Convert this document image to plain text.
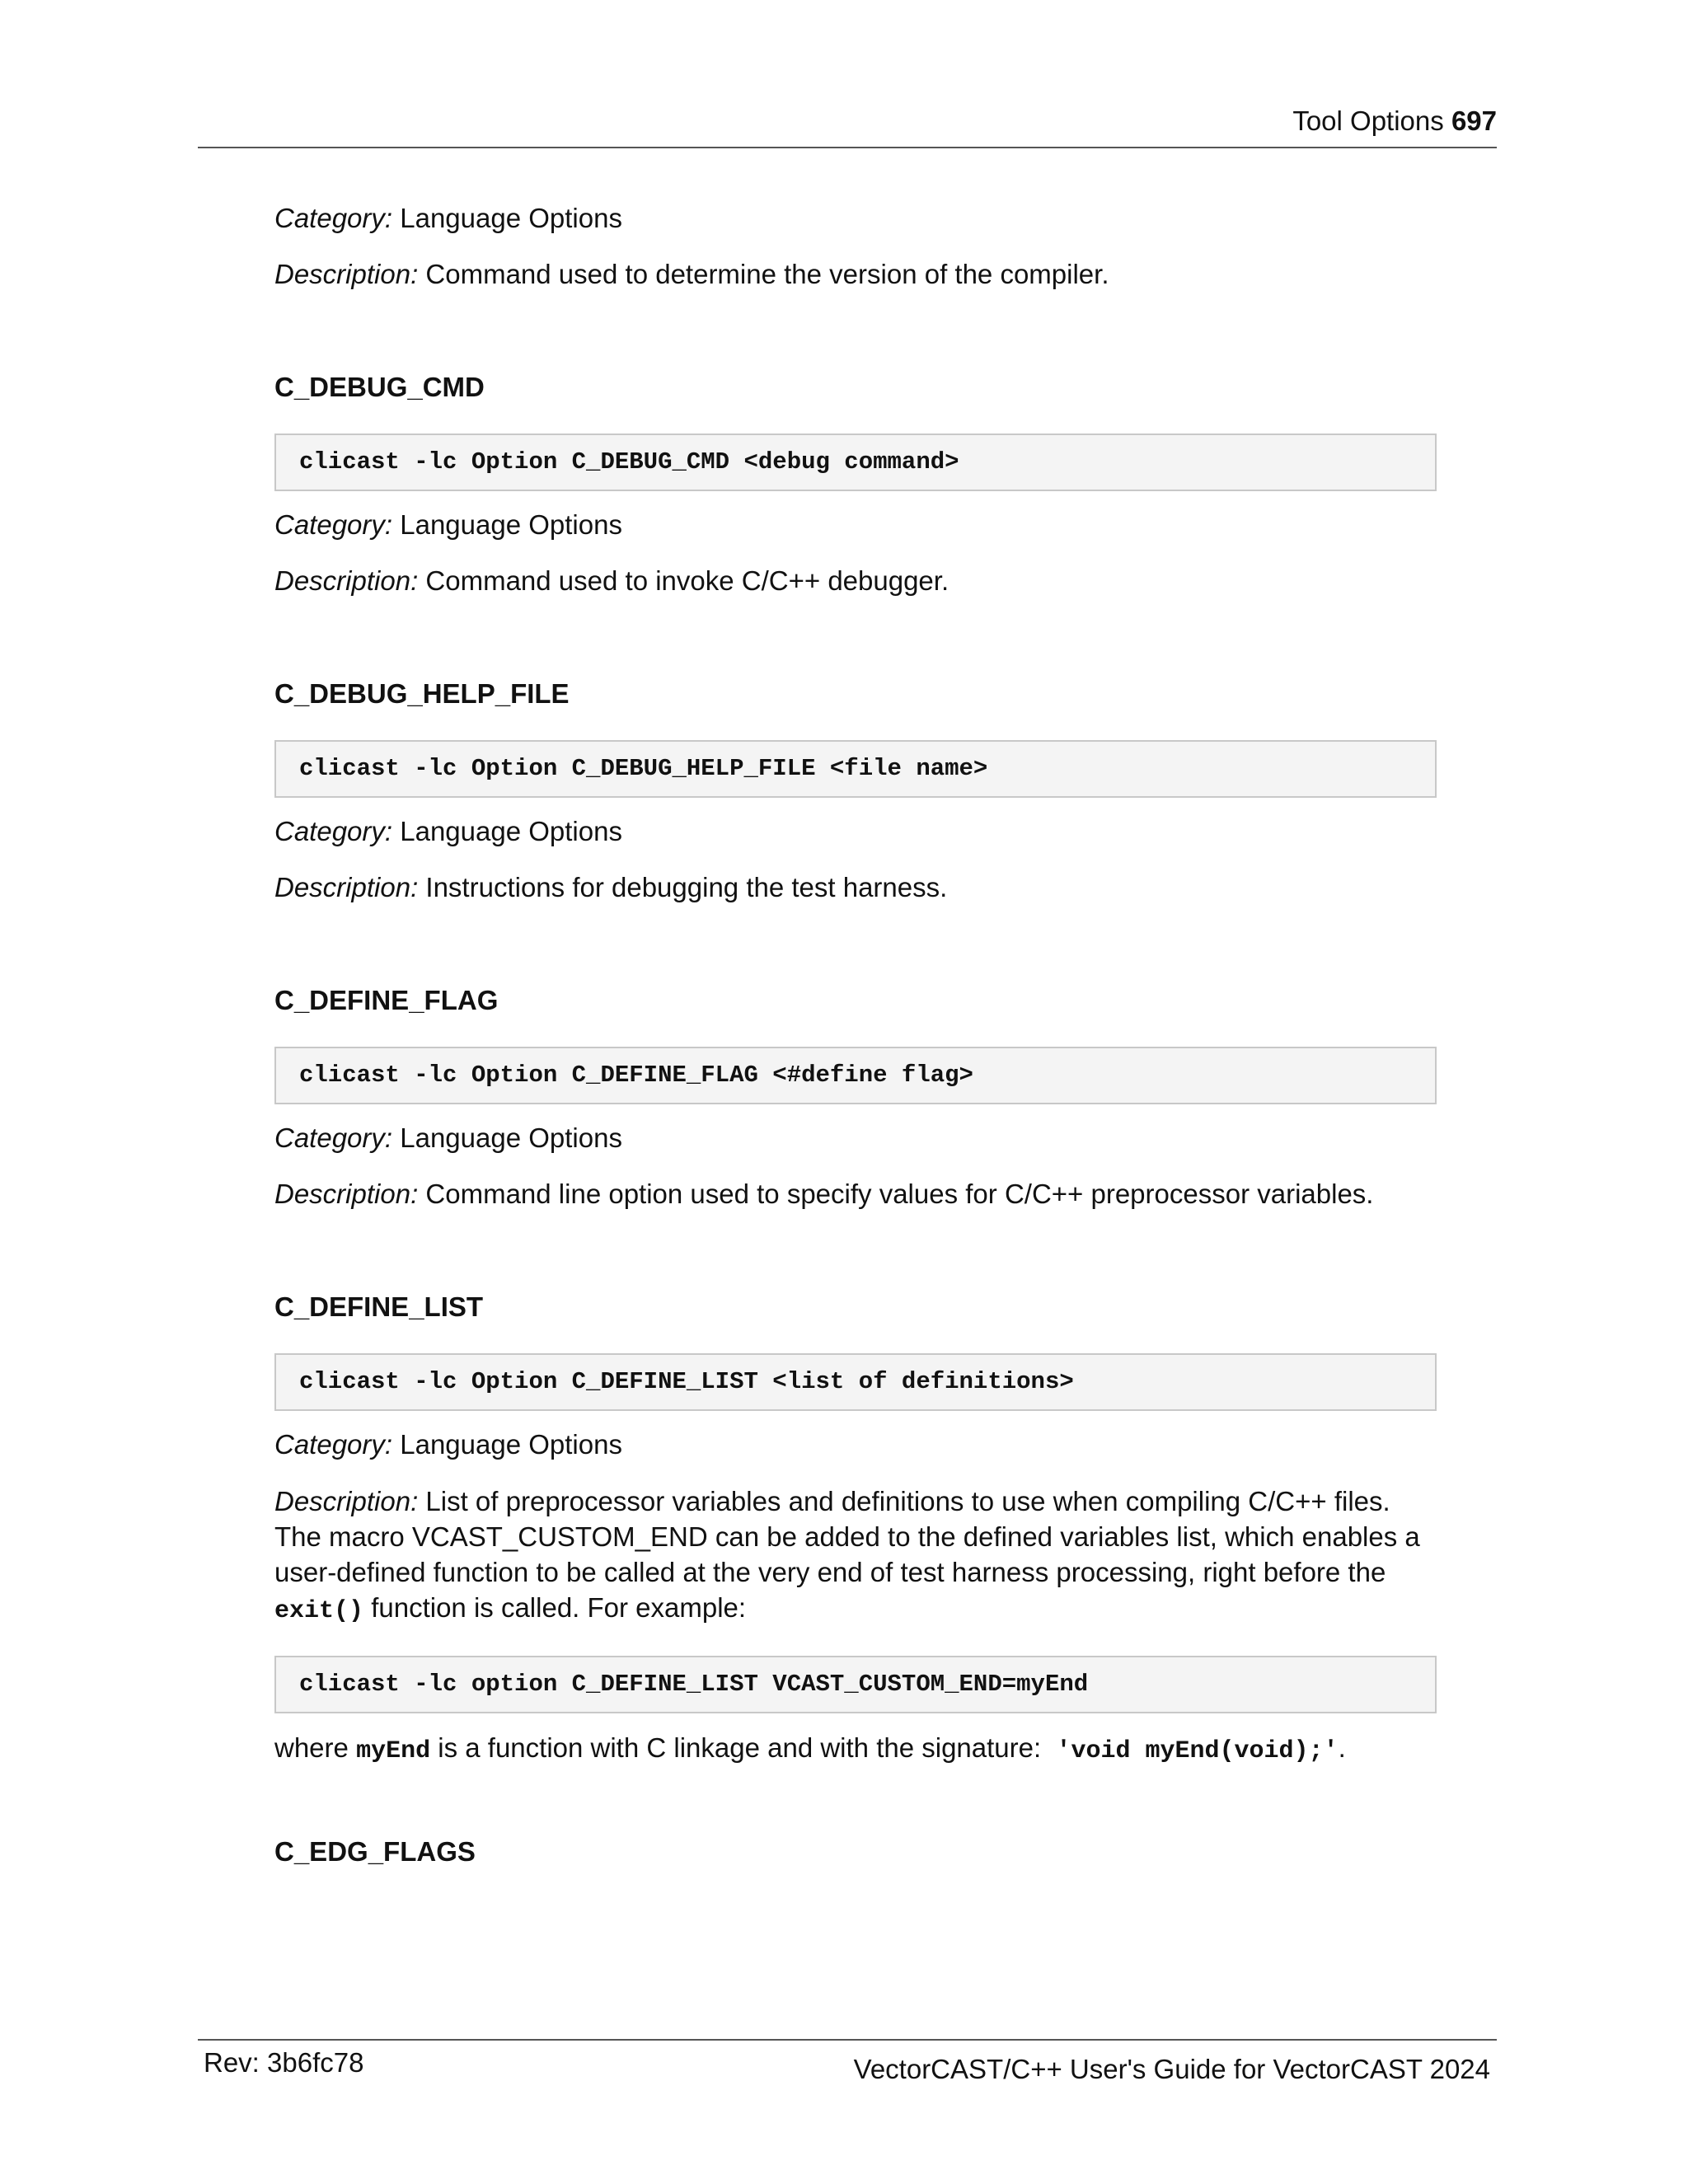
Tool Options 697

Category: Language Options

Description: Command used to determine the version of the compiler.

C_DEBUG_CMD
clicast -lc Option C_DEBUG_CMD <debug command>

Category: Language Options

Description: Command used to invoke C/C++ debugger.

C_DEBUG_HELP_FILE
clicast -lc Option C_DEBUG_HELP_FILE <file name>

Category: Language Options

Description: Instructions for debugging the test harness.

C_DEFINE_FLAG
clicast -lc Option C_DEFINE_FLAG <#define flag>

Category: Language Options

Description: Command line option used to specify values for C/C++ preprocessor variables.

C_DEFINE_LIST
clicast -lc Option C_DEFINE_LIST <list of definitions>

Category: Language Options

Description: List of preprocessor variables and definitions to use when compiling C/C++ files. The macro VCAST_CUSTOM_END can be added to the defined variables list, which enables a user-defined function to be called at the very end of test harness processing, right before the exit() function is called. For example:

clicast -lc option C_DEFINE_LIST VCAST_CUSTOM_END=myEnd

where myEnd is a function with C linkage and with the signature: 'void myEnd(void);'.

C_EDG_FLAGS
Rev: 3b6fc78	VectorCAST/C++ User's Guide for VectorCAST 2024
